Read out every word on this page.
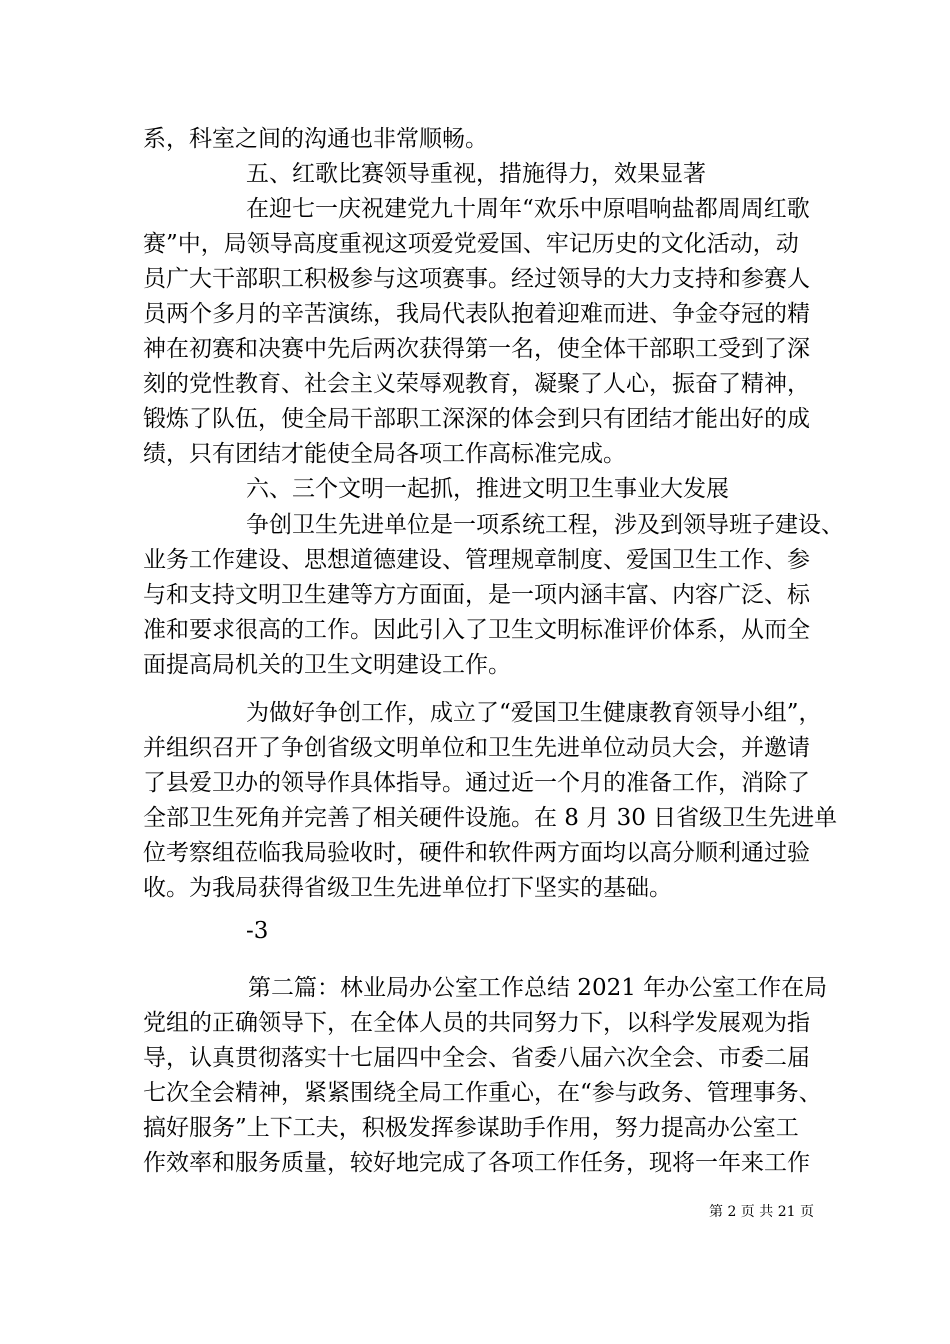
系，科室之间的沟通也非常顺畅。
五、红歌比赛领导重视，措施得力，效果显著
在迎七一庆祝建党九十周年“欢乐中原唱响盐都周周红歌
赛”中，局领导高度重视这项爱党爱国、牢记历史的文化活动，动
员广大干部职工积极参与这项赛事。经过领导的大力支持和参赛人
员两个多月的辛苦演练，我局代表队抱着迎难而进、争金夺冠的精
神在初赛和决赛中先后两次获得第一名，使全体干部职工受到了深
刻的党性教育、社会主义荣辱观教育，凝聚了人心，振奋了精神，
锻炼了队伍，使全局干部职工深深的体会到只有团结才能出好的成
绩，只有团结才能使全局各项工作高标准完成。
六、三个文明一起抓，推进文明卫生事业大发展
争创卫生先进单位是一项系统工程，涉及到领导班子建设、
业务工作建设、思想道德建设、管理规章制度、爱国卫生工作、参
与和支持文明卫生建等方方面面，是一项内涵丰富、内容广泛、标
准和要求很高的工作。因此引入了卫生文明标准评价体系，从而全
面提高局机关的卫生文明建设工作。
为做好争创工作，成立了“爱国卫生健康教育领导小组”，
并组织召开了争创省级文明单位和卫生先进单位动员大会，并邀请
了县爱卫办的领导作具体指导。通过近一个月的准备工作，消除了
全部卫生死角并完善了相关硬件设施。在 8 月 30 日省级卫生先进单
位考察组莅临我局验收时，硬件和软件两方面均以高分顺利通过验
收。为我局获得省级卫生先进单位打下坚实的基础。
-3
第二篇：林业局办公室工作总结 2021 年办公室工作在局
党组的正确领导下，在全体人员的共同努力下，以科学发展观为指
导，认真贯彻落实十七届四中全会、省委八届六次全会、市委二届
七次全会精神，紧紧围绕全局工作重心，在“参与政务、管理事务、
搞好服务”上下工夫，积极发挥参谋助手作用，努力提高办公室工
作效率和服务质量，较好地完成了各项工作任务，现将一年来工作
第 2 页 共 21 页
